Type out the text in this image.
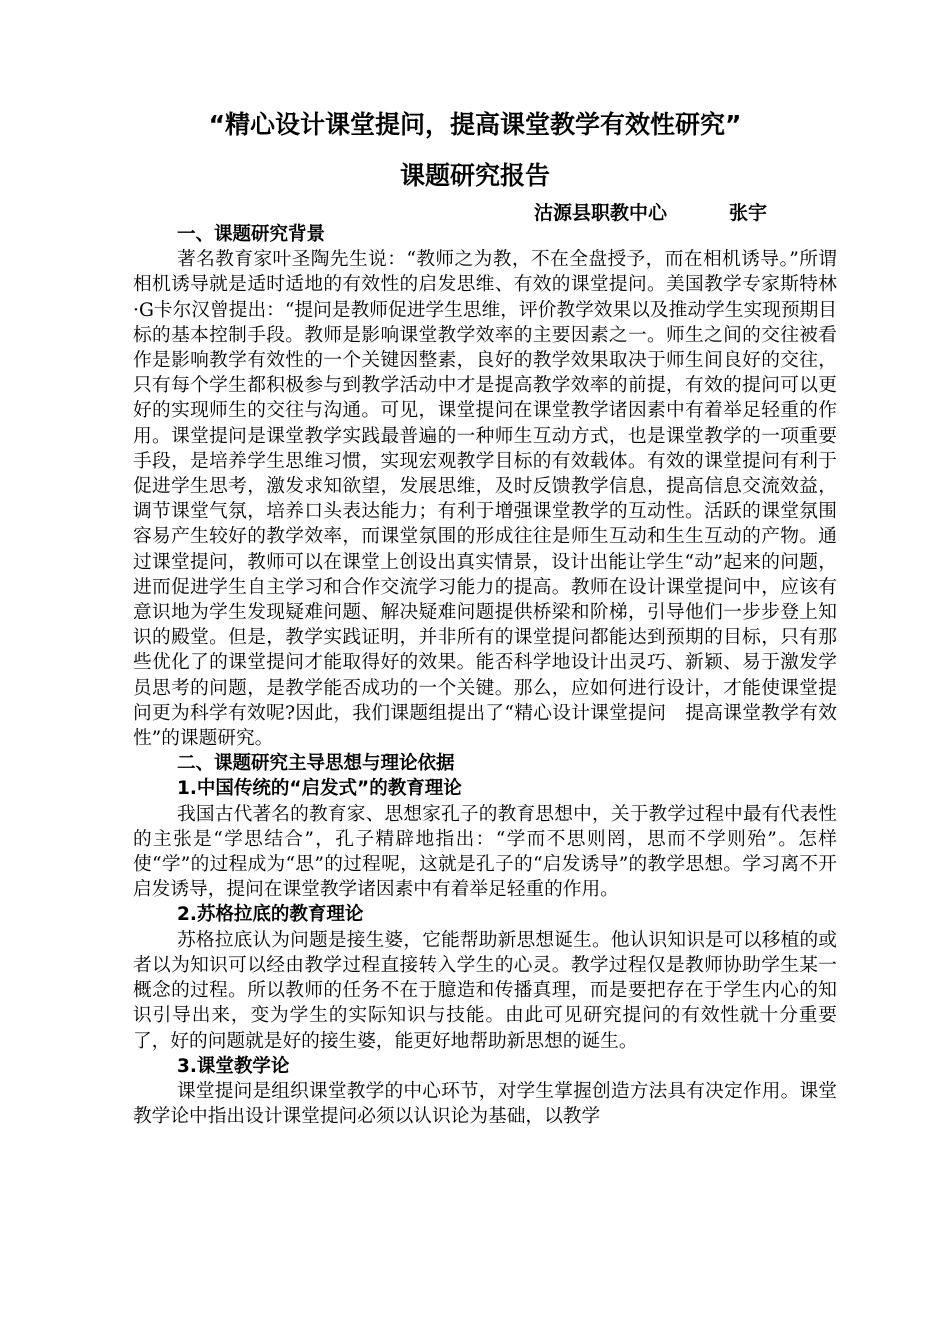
“精心设计课堂提问，提高课堂教学有效性研究”
课题研究报告
沽源县职教中心	张宇
一、课题研究背景

著名教育家叶圣陶先生说：“教师之为教，不在全盘授予，而在相机诱导。”所谓相机诱导就是适时适地的有效性的启发思维、有效的课堂提问。美国教学专家斯特林·G卡尔汉曾提出：“提问是教师促进学生思维，评价教学效果以及推动学生实现预期目标的基本控制手段。教师是影响课堂教学效率的主要因素之一。师生之间的交往被看作是影响教学有效性的一个关键因整素，良好的教学效果取决于师生间良好的交往，只有每个学生都积极参与到教学活动中才是提高教学效率的前提，有效的提问可以更好的实现师生的交往与沟通。可见，课堂提问在课堂教学诸因素中有着举足轻重的作用。课堂提问是课堂教学实践最普遍的一种师生互动方式，也是课堂教学的一项重要手段，是培养学生思维习惯，实现宏观教学目标的有效载体。有效的课堂提问有利于促进学生思考，激发求知欲望，发展思维，及时反馈教学信息，提高信息交流效益，调节课堂气氛，培养口头表达能力；有利于增强课堂教学的互动性。活跃的课堂氛围容易产生较好的教学效率，而课堂氛围的形成往往是师生互动和生生互动的产物。通过课堂提问，教师可以在课堂上创设出真实情景，设计出能让学生“动”起来的问题，进而促进学生自主学习和合作交流学习能力的提高。教师在设计课堂提问中，应该有意识地为学生发现疑难问题、解决疑难问题提供桥梁和阶梯，引导他们一步步登上知识的殿堂。但是，教学实践证明，并非所有的课堂提问都能达到预期的目标，只有那些优化了的课堂提问才能取得好的效果。能否科学地设计出灵巧、新颖、易于激发学员思考的问题，是教学能否成功的一个关键。那么，应如何进行设计，才能使课堂提问更为科学有效呢?因此，我们课题组提出了“精心设计课堂提问　提高课堂教学有效性”的课题研究。

二、课题研究主导思想与理论依据
1.中国传统的“启发式”的教育理论

我国古代著名的教育家、思想家孔子的教育思想中，关于教学过程中最有代表性的主张是“学思结合”，孔子精辟地指出：“学而不思则罔，思而不学则殆”。怎样使“学”的过程成为“思”的过程呢，这就是孔子的“启发诱导”的教学思想。学习离不开启发诱导，提问在课堂教学诸因素中有着举足轻重的作用。

2.苏格拉底的教育理论

苏格拉底认为问题是接生婆，它能帮助新思想诞生。他认识知识是可以移植的或者以为知识可以经由教学过程直接转入学生的心灵。教学过程仅是教师协助学生某一概念的过程。所以教师的任务不在于臆造和传播真理，而是要把存在于学生内心的知识引导出来，变为学生的实际知识与技能。由此可见研究提问的有效性就十分重要了，好的问题就是好的接生婆，能更好地帮助新思想的诞生。

3.课堂教学论

课堂提问是组织课堂教学的中心环节，对学生掌握创造方法具有决定作用。课堂教学论中指出设计课堂提问必须以认识论为基础，以教学
